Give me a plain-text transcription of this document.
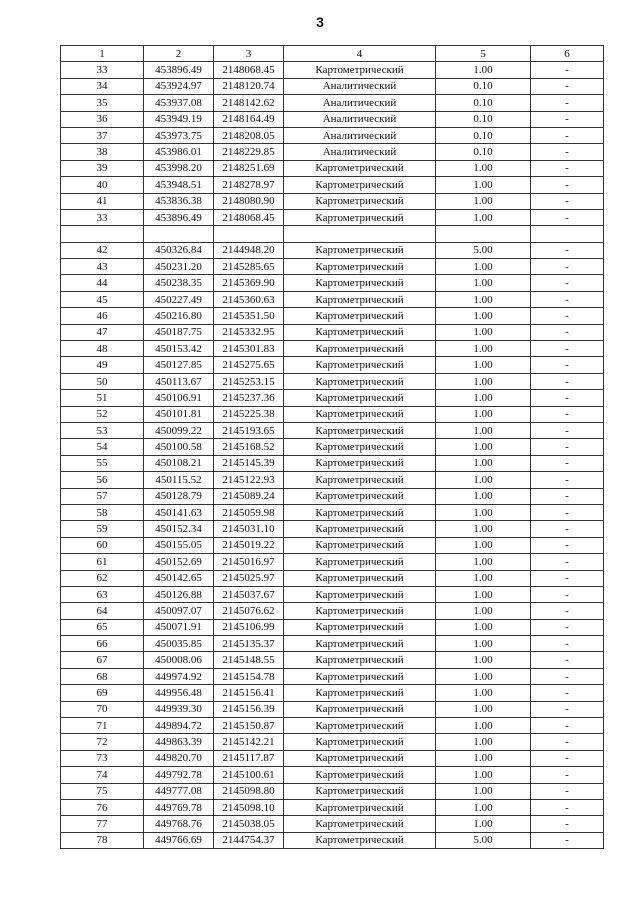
3
1	2	3	4	5	6
33	453896.49	2148068.45	Картометрический	1.00	-
34	453924.97	2148120.74	Аналитический	0.10	-
35	453937.08	2148142.62	Аналитический	0.10	-
36	453949.19	2148164.49	Аналитический	0.10	-
37	453973.75	2148208.05	Аналитический	0.10	-
38	453986.01	2148229.85	Аналитический	0.10	-
39	453998.20	2148251.69	Картометрический	1.00	-
40	453948.51	2148278.97	Картометрический	1.00	-
41	453836.38	2148080.90	Картометрический	1.00	-
33	453896.49	2148068.45	Картометрический	1.00	-

42	450326.84	2144948.20	Картометрический	5.00	-
43	450231.20	2145285.65	Картометрический	1.00	-
44	450238.35	2145369.90	Картометрический	1.00	-
45	450227.49	2145360.63	Картометрический	1.00	-
46	450216.80	2145351.50	Картометрический	1.00	-
47	450187.75	2145332.95	Картометрический	1.00	-
48	450153.42	2145301.83	Картометрический	1.00	-
49	450127.85	2145275.65	Картометрический	1.00	-
50	450113.67	2145253.15	Картометрический	1.00	-
51	450106.91	2145237.36	Картометрический	1.00	-
52	450101.81	2145225.38	Картометрический	1.00	-
53	450099.22	2145193.65	Картометрический	1.00	-
54	450100.58	2145168.52	Картометрический	1.00	-
55	450108.21	2145145.39	Картометрический	1.00	-
56	450115.52	2145122.93	Картометрический	1.00	-
57	450128.79	2145089.24	Картометрический	1.00	-
58	450141.63	2145059.98	Картометрический	1.00	-
59	450152.34	2145031.10	Картометрический	1.00	-
60	450155.05	2145019.22	Картометрический	1.00	-
61	450152.69	2145016.97	Картометрический	1.00	-
62	450142.65	2145025.97	Картометрический	1.00	-
63	450126.88	2145037.67	Картометрический	1.00	-
64	450097.07	2145076.62	Картометрический	1.00	-
65	450071.91	2145106.99	Картометрический	1.00	-
66	450035.85	2145135.37	Картометрический	1.00	-
67	450008.06	2145148.55	Картометрический	1.00	-
68	449974.92	2145154.78	Картометрический	1.00	-
69	449956.48	2145156.41	Картометрический	1.00	-
70	449939.30	2145156.39	Картометрический	1.00	-
71	449894.72	2145150.87	Картометрический	1.00	-
72	449863.39	2145142.21	Картометрический	1.00	-
73	449820.70	2145117.87	Картометрический	1.00	-
74	449792.78	2145100.61	Картометрический	1.00	-
75	449777.08	2145098.80	Картометрический	1.00	-
76	449769.78	2145098.10	Картометрический	1.00	-
77	449768.76	2145038.05	Картометрический	1.00	-
78	449766.69	2144754.37	Картометрический	5.00	-
